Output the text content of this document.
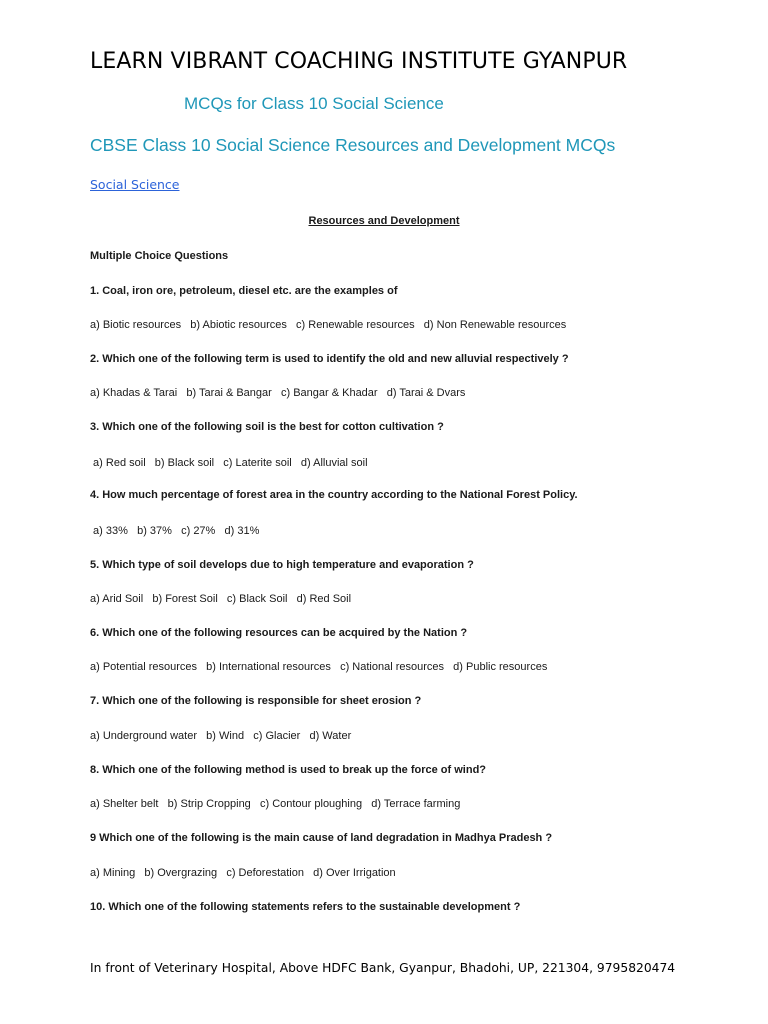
LEARN VIBRANT COACHING INSTITUTE GYANPUR
MCQs for Class 10 Social Science
CBSE Class 10 Social Science Resources and Development MCQs
Social Science
Resources and Development
Multiple Choice Questions
1. Coal, iron ore, petroleum, diesel etc. are the examples of
a) Biotic resources   b) Abiotic resources   c) Renewable resources   d) Non Renewable resources
2. Which one of the following term is used to identify the old and new alluvial respectively ?
a) Khadas & Tarai   b) Tarai & Bangar   c) Bangar & Khadar   d) Tarai & Dvars
3. Which one of the following soil is the best for cotton cultivation ?
a) Red soil   b) Black soil   c) Laterite soil   d) Alluvial soil
4. How much percentage of forest area in the country according to the National Forest Policy.
a) 33%   b) 37%   c) 27%   d) 31%
5. Which type of soil develops due to high temperature and evaporation ?
a) Arid Soil   b) Forest Soil   c) Black Soil   d) Red Soil
6. Which one of the following resources can be acquired by the Nation ?
a) Potential resources   b) International resources   c) National resources   d) Public resources
7. Which one of the following is responsible for sheet erosion ?
a) Underground water   b) Wind   c) Glacier   d) Water
8. Which one of the following method is used to break up the force of wind?
a) Shelter belt   b) Strip Cropping   c) Contour ploughing   d) Terrace farming
9 Which one of the following is the main cause of land degradation in Madhya Pradesh ?
a) Mining   b) Overgrazing   c) Deforestation   d) Over Irrigation
10. Which one of the following statements refers to the sustainable development ?
In front of Veterinary Hospital, Above HDFC Bank, Gyanpur, Bhadohi, UP, 221304, 9795820474
